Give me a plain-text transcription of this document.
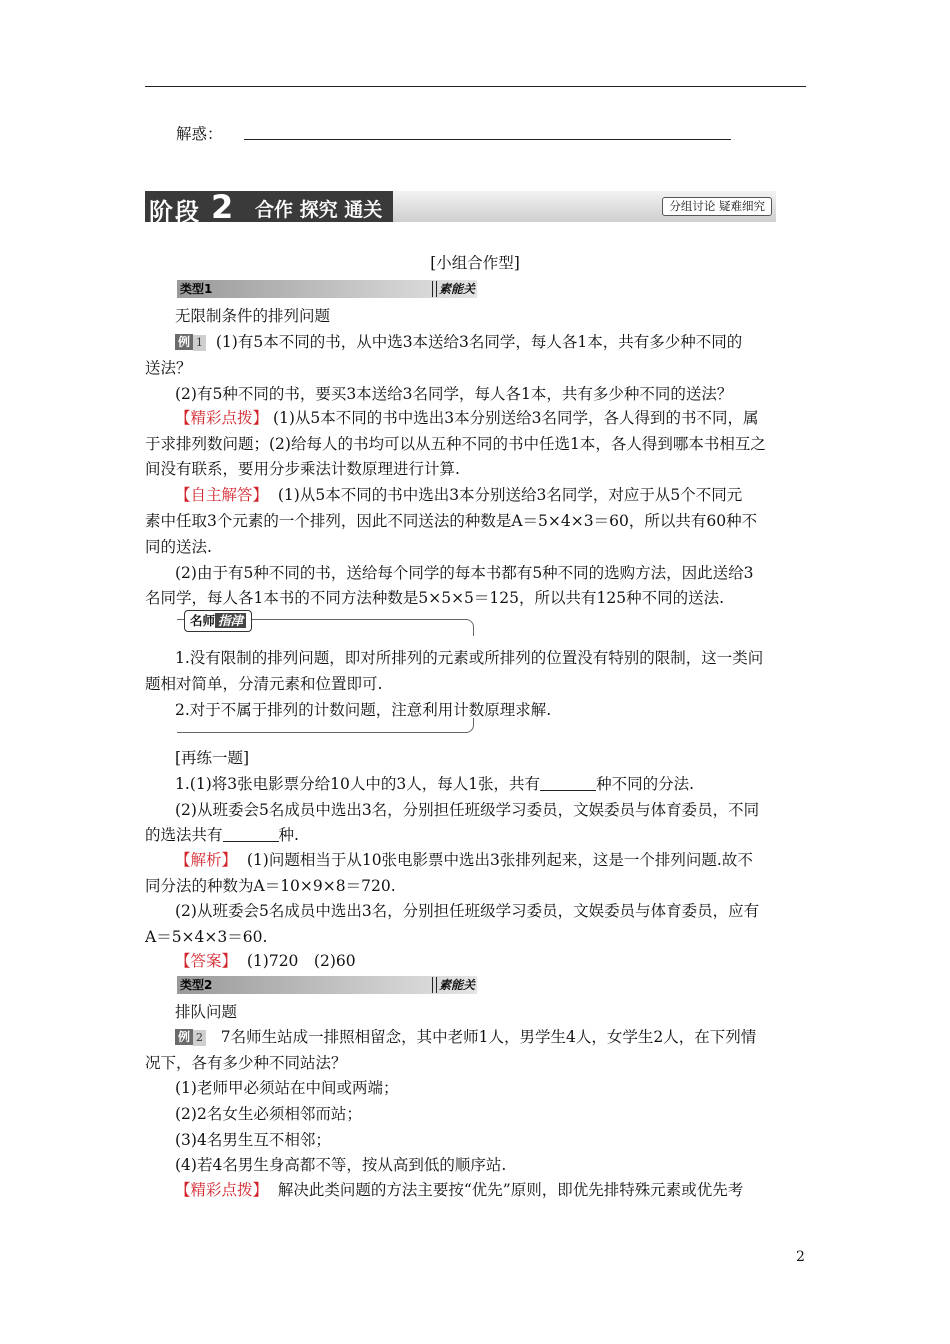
解惑：
阶段 2 合作 探究 通关	分组讨论 疑难细究
[小组合作型]
类型1	素能关
无限制条件的排列问题
例 1 (1)有5本不同的书，从中选3本送给3名同学，每人各1本，共有多少种不同的
送法？
(2)有5种不同的书，要买3本送给3名同学，每人各1本，共有多少种不同的送法？
【精彩点拨】 (1)从5本不同的书中选出3本分别送给3名同学，各人得到的书不同，属
于求排列数问题；(2)给每人的书均可以从五种不同的书中任选1本，各人得到哪本书相互之
间没有联系，要用分步乘法计数原理进行计算.
【自主解答】 (1)从5本不同的书中选出3本分别送给3名同学，对应于从5个不同元
素中任取3个元素的一个排列，因此不同送法的种数是A＝5×4×3＝60，所以共有60种不
同的送法.
(2)由于有5种不同的书，送给每个同学的每本书都有5种不同的选购方法，因此送给3
名同学，每人各1本书的不同方法种数是5×5×5＝125，所以共有125种不同的送法.
名师 指津
1.没有限制的排列问题，即对所排列的元素或所排列的位置没有特别的限制，这一类问
题相对简单，分清元素和位置即可.
2.对于不属于排列的计数问题，注意利用计数原理求解.
[再练一题]
1.(1)将3张电影票分给10人中的3人，每人1张，共有	种不同的分法.
(2)从班委会5名成员中选出3名，分别担任班级学习委员，文娱委员与体育委员，不同
的选法共有	种.
【解析】 (1)问题相当于从10张电影票中选出3张排列起来，这是一个排列问题.故不
同分法的种数为A＝10×9×8＝720.
(2)从班委会5名成员中选出3名，分别担任班级学习委员，文娱委员与体育委员，应有
A＝5×4×3＝60.
【答案】 (1)720　(2)60
类型2	素能关
排队问题
例 2 7名师生站成一排照相留念，其中老师1人，男学生4人，女学生2人，在下列情
况下，各有多少种不同站法？
(1)老师甲必须站在中间或两端；
(2)2名女生必须相邻而站；
(3)4名男生互不相邻；
(4)若4名男生身高都不等，按从高到低的顺序站.
【精彩点拨】 解决此类问题的方法主要按“优先”原则，即优先排特殊元素或优先考
2
